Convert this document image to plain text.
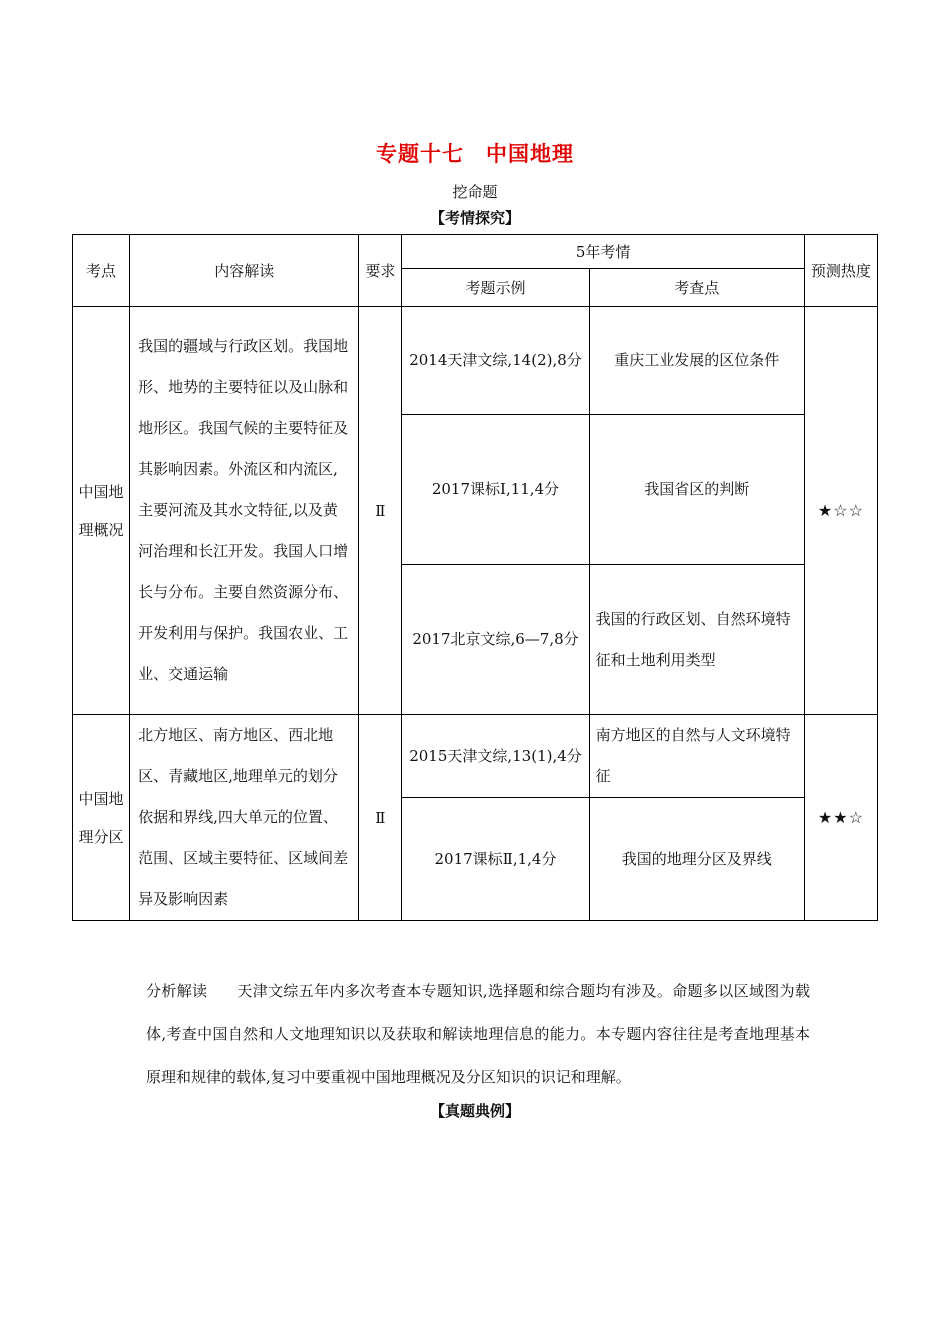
专题十七　中国地理
挖命题
【考情探究】
考点	内容解读	要求	5年考情		预测热度
			考题示例	考查点	
中国地理概况	我国的疆域与行政区划。我国地形、地势的主要特征以及山脉和地形区。我国气候的主要特征及其影响因素。外流区和内流区,主要河流及其水文特征,以及黄河治理和长江开发。我国人口增长与分布。主要自然资源分布、开发利用与保护。我国农业、工业、交通运输	Ⅱ	2014天津文综,14(2),8分	重庆工业发展的区位条件	★☆☆
			2017课标Ⅰ,11,4分	我国省区的判断	
			2017北京文综,6—7,8分	我国的行政区划、自然环境特征和土地利用类型	
中国地理分区	北方地区、南方地区、西北地区、青藏地区,地理单元的划分依据和界线,四大单元的位置、范围、区域主要特征、区域间差异及影响因素	Ⅱ	2015天津文综,13(1),4分	南方地区的自然与人文环境特征	★★☆
			2017课标Ⅱ,1,4分	我国的地理分区及界线	
分析解读 天津文综五年内多次考查本专题知识,选择题和综合题均有涉及。命题多以区域图为载体,考查中国自然和人文地理知识以及获取和解读地理信息的能力。本专题内容往往是考查地理基本原理和规律的载体,复习中要重视中国地理概况及分区知识的识记和理解。
【真题典例】
